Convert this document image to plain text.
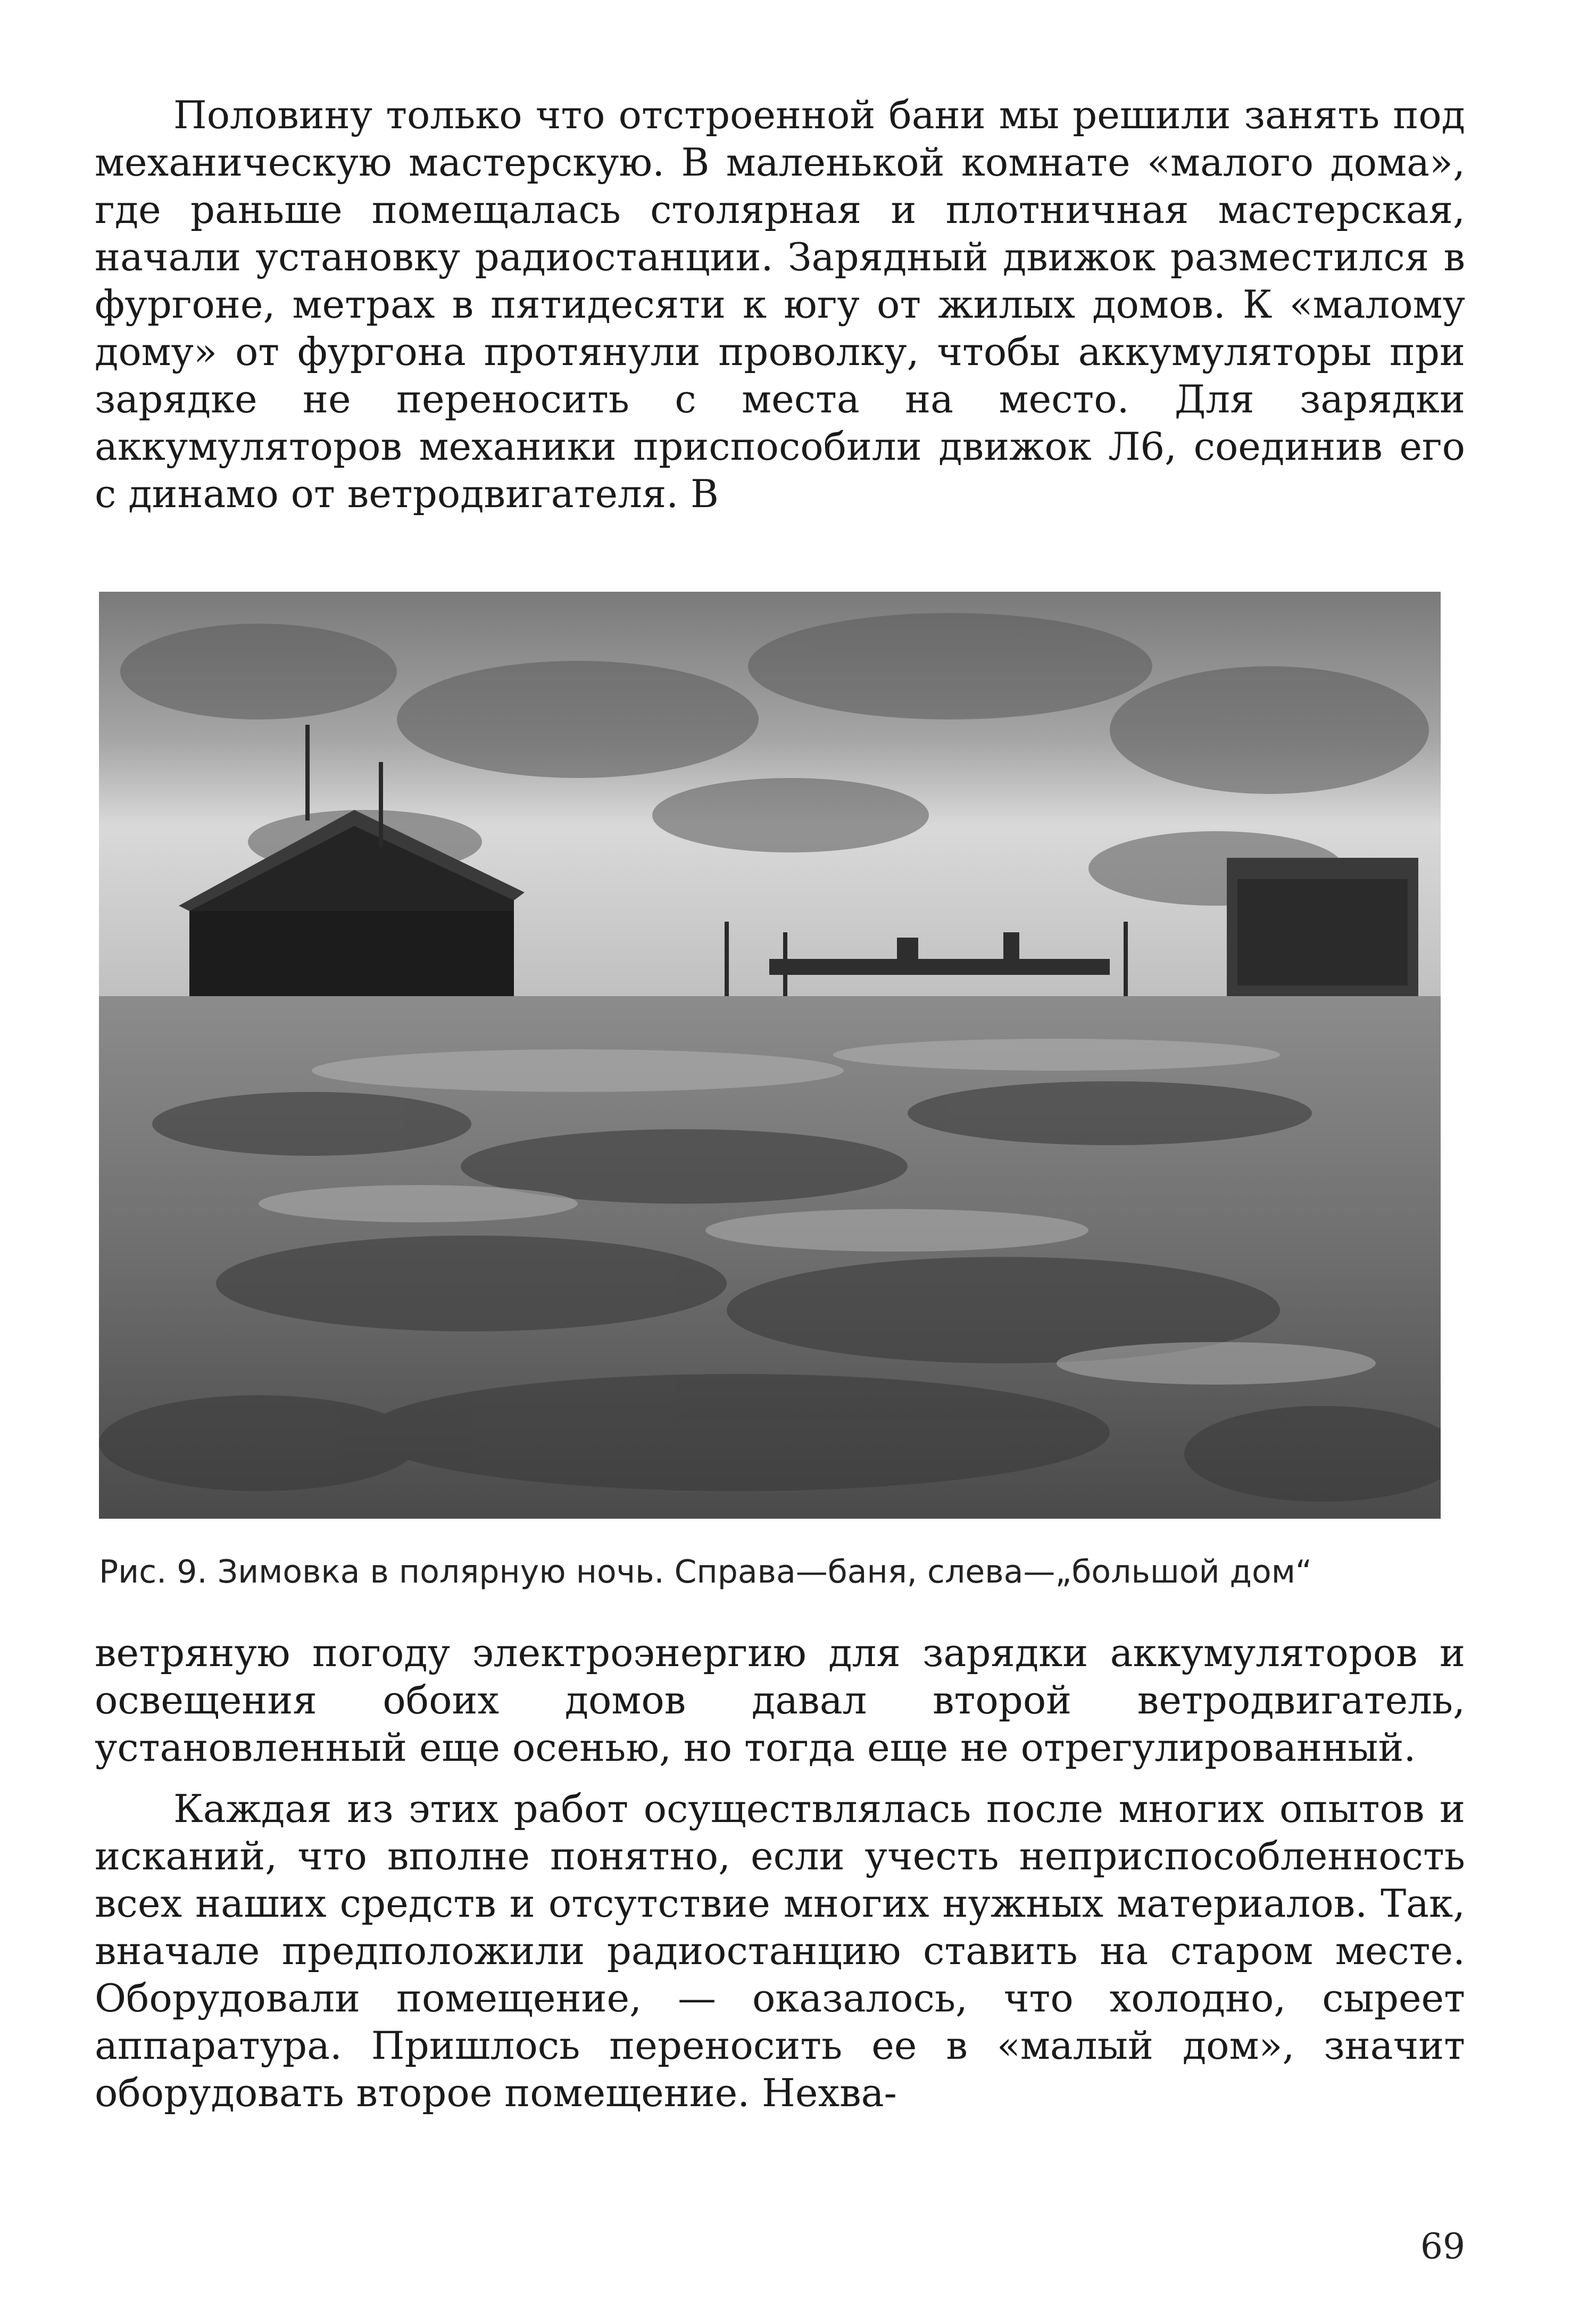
Половину только что отстроенной бани мы решили занять под механическую мастерскую. В маленькой комнате «малого дома», где раньше помещалась столярная и плотничная мастерская, начали установку радиостанции. Зарядный движок разместился в фургоне, метрах в пятидесяти к югу от жилых домов. К «малому дому» от фургона протянули проволку, чтобы аккумуляторы при зарядке не переносить с места на место. Для зарядки аккумуляторов механики приспособили движок Л6, соединив его с динамо от ветродвигателя. В

Рис. 9. Зимовка в полярную ночь. Справа—баня, слева—„большой дом“

ветряную погоду электроэнергию для зарядки аккумуляторов и освещения обоих домов давал второй ветродвигатель, установленный еще осенью, но тогда еще не отрегулированный.

Каждая из этих работ осуществлялась после многих опытов и исканий, что вполне понятно, если учесть неприспособленность всех наших средств и отсутствие многих нужных материалов. Так, вначале предположили радиостанцию ставить на старом месте. Оборудовали помещение, — оказалось, что холодно, сыреет аппаратура. Пришлось переносить ее в «малый дом», значит оборудовать второе помещение. Нехва-

69
